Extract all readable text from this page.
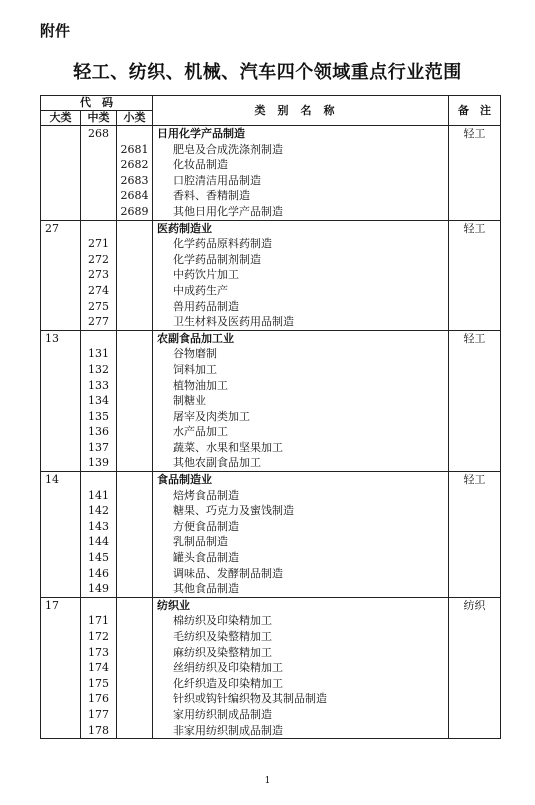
附件
轻工、纺织、机械、汽车四个领域重点行业范围
代　码			类别名称	备　注
大类	中类	小类		
	268		日用化学产品制造	轻工
		2681	肥皂及合成洗涤剂制造	
		2682	化妆品制造	
		2683	口腔清洁用品制造	
		2684	香料、香精制造	
		2689	其他日用化学产品制造	
27			医药制造业	轻工
	271		化学药品原料药制造	
	272		化学药品制剂制造	
	273		中药饮片加工	
	274		中成药生产	
	275		兽用药品制造	
	277		卫生材料及医药用品制造	
13			农副食品加工业	轻工
	131		谷物磨制	
	132		饲料加工	
	133		植物油加工	
	134		制糖业	
	135		屠宰及肉类加工	
	136		水产品加工	
	137		蔬菜、水果和坚果加工	
	139		其他农副食品加工	
14			食品制造业	轻工
	141		焙烤食品制造	
	142		糖果、巧克力及蜜饯制造	
	143		方便食品制造	
	144		乳制品制造	
	145		罐头食品制造	
	146		调味品、发酵制品制造	
	149		其他食品制造	
17			纺织业	纺织
	171		棉纺织及印染精加工	
	172		毛纺织及染整精加工	
	173		麻纺织及染整精加工	
	174		丝绢纺织及印染精加工	
	175		化纤织造及印染精加工	
	176		针织或钩针编织物及其制品制造	
	177		家用纺织制成品制造	
	178		非家用纺织制成品制造	
1
